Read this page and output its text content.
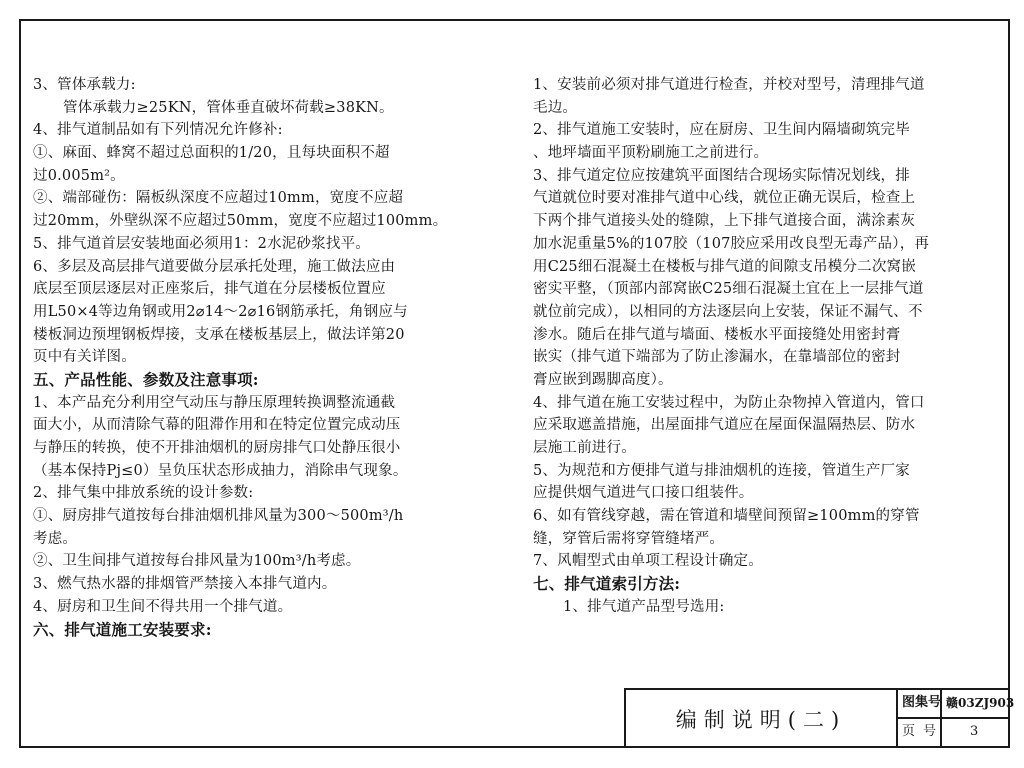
3、管体承载力:
管体承载力≥25KN，管体垂直破坏荷载≥38KN。
4、排气道制品如有下列情况允许修补:
①、麻面、蜂窝不超过总面积的1/20，且每块面积不超
过0.005m²。
②、端部碰伤：隔板纵深度不应超过10mm，宽度不应超
过20mm，外壁纵深不应超过50mm，宽度不应超过100mm。
5、排气道首层安装地面必须用1：2水泥砂浆找平。
6、多层及高层排气道要做分层承托处理，施工做法应由
底层至顶层逐层对正座浆后，排气道在分层楼板位置应
用L50×4等边角钢或用2⌀14～2⌀16钢筋承托，角钢应与
楼板洞边预埋钢板焊接，支承在楼板基层上，做法详第20
页中有关详图。
五、产品性能、参数及注意事项:
1、本产品充分利用空气动压与静压原理转换调整流通截
面大小，从而清除气幕的阻滞作用和在特定位置完成动压
与静压的转换，使不开排油烟机的厨房排气口处静压很小
（基本保持Pj≤0）呈负压状态形成抽力，消除串气现象。
2、排气集中排放系统的设计参数:
①、厨房排气道按每台排油烟机排风量为300～500m³/h
考虑。
②、卫生间排气道按每台排风量为100m³/h考虑。
3、燃气热水器的排烟管严禁接入本排气道内。
4、厨房和卫生间不得共用一个排气道。
六、排气道施工安装要求:
1、安装前必须对排气道进行检查，并校对型号，清理排气道
毛边。
2、排气道施工安装时，应在厨房、卫生间内隔墙砌筑完毕
、地坪墙面平顶粉刷施工之前进行。
3、排气道定位应按建筑平面图结合现场实际情况划线，排
气道就位时要对准排气道中心线，就位正确无误后，检查上
下两个排气道接头处的缝隙，上下排气道接合面，满涂素灰
加水泥重量5%的107胶（107胶应采用改良型无毒产品），再
用C25细石混凝土在楼板与排气道的间隙支吊模分二次窝嵌
密实平整，（顶部内部窝嵌C25细石混凝土宜在上一层排气道
就位前完成），以相同的方法逐层向上安装，保证不漏气、不
渗水。随后在排气道与墙面、楼板水平面接缝处用密封膏
嵌实（排气道下端部为了防止渗漏水，在靠墙部位的密封
膏应嵌到踢脚高度）。
4、排气道在施工安装过程中，为防止杂物掉入管道内，管口
应采取遮盖措施，出屋面排气道应在屋面保温隔热层、防水
层施工前进行。
5、为规范和方便排气道与排油烟机的连接，管道生产厂家
应提供烟气道进气口接口组装件。
6、如有管线穿越，需在管道和墙壁间预留≥100mm的穿管
缝，穿管后需将穿管缝堵严。
7、风帽型式由单项工程设计确定。
七、排气道索引方法:
1、排气道产品型号选用:
编制说明(二)
图集号 赣03ZJ903
页号	3
